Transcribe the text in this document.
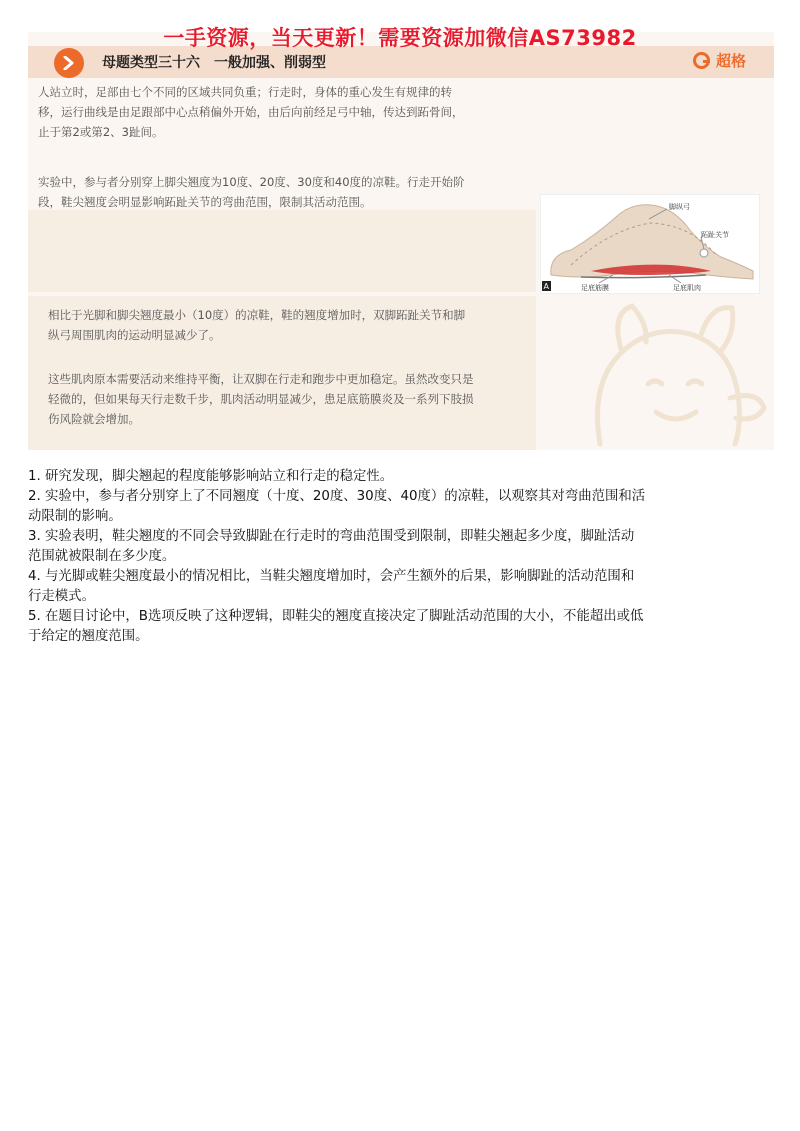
一手资源，当天更新！需要资源加微信AS73982
母题类型三十六　一般加强、削弱型	超格
人站立时，足部由七个不同的区域共同负重；行走时，身体的重心发生有规律的转
移，运行曲线是由足跟部中心点稍偏外开始，由后向前经足弓中轴，传达到跖骨间，
止于第2或第2、3趾间。
实验中，参与者分别穿上脚尖翘度为10度、20度、30度和40度的凉鞋。行走开始阶
段，鞋尖翘度会明显影响跖趾关节的弯曲范围，限制其活动范围。
相比于光脚和脚尖翘度最小（10度）的凉鞋，鞋的翘度增加时，双脚跖趾关节和脚
纵弓周围肌肉的运动明显减少了。
这些肌肉原本需要活动来维持平衡，让双脚在行走和跑步中更加稳定。虽然改变只是
轻微的，但如果每天行走数千步，肌肉活动明显减少，患足底筋膜炎及一系列下肢损
伤风险就会增加。
A
脚纵弓
跖趾关节
足底筋膜	足底肌肉

1. 研究发现，脚尖翘起的程度能够影响站立和行走的稳定性。

2. 实验中，参与者分别穿上了不同翘度（十度、20度、30度、40度）的凉鞋，以观察其对弯曲范围和活
动限制的影响。

3. 实验表明，鞋尖翘度的不同会导致脚趾在行走时的弯曲范围受到限制，即鞋尖翘起多少度，脚趾活动
范围就被限制在多少度。

4. 与光脚或鞋尖翘度最小的情况相比，当鞋尖翘度增加时，会产生额外的后果，影响脚趾的活动范围和
行走模式。

5. 在题目讨论中，B选项反映了这种逻辑，即鞋尖的翘度直接决定了脚趾活动范围的大小，不能超出或低
于给定的翘度范围。
